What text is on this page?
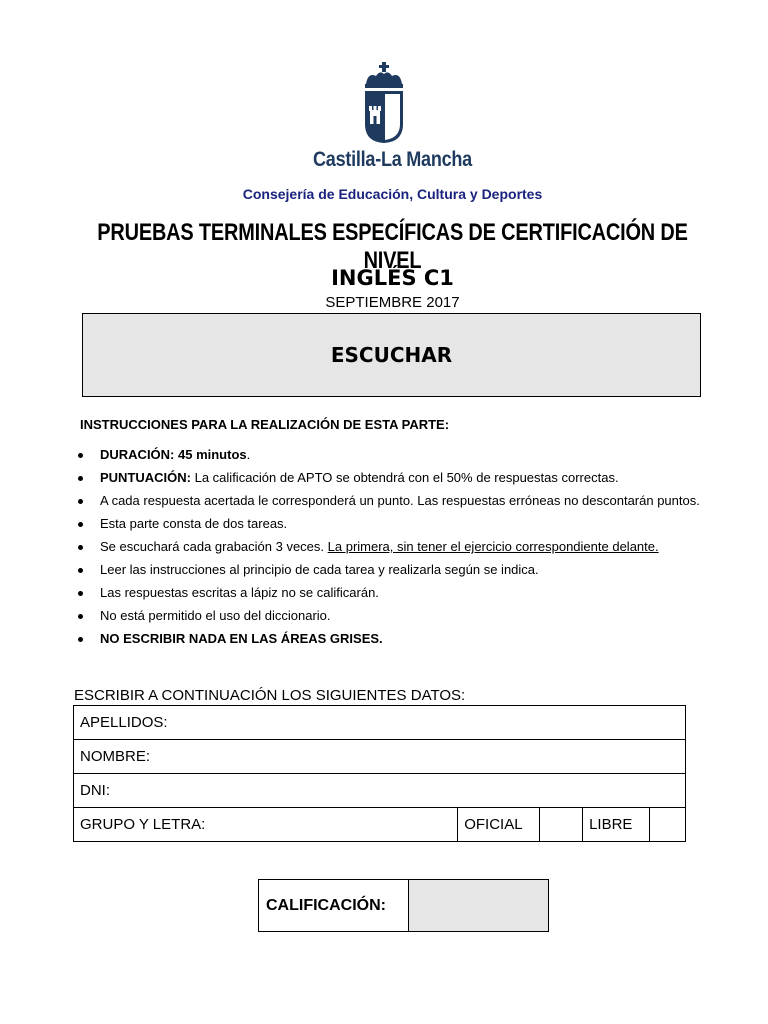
Castilla-La Mancha
Consejería de Educación, Cultura y Deportes
PRUEBAS TERMINALES ESPECÍFICAS DE CERTIFICACIÓN DE NIVEL
INGLÉS C1
SEPTIEMBRE 2017
ESCUCHAR
INSTRUCCIONES PARA LA REALIZACIÓN DE ESTA PARTE:
DURACIÓN: 45 minutos.
PUNTUACIÓN: La calificación de APTO se obtendrá con el 50% de respuestas correctas.
A cada respuesta acertada le corresponderá un punto. Las respuestas erróneas no descontarán puntos.
Esta parte consta de dos tareas.
Se escuchará cada grabación 3 veces. La primera, sin tener el ejercicio correspondiente delante.
Leer las instrucciones al principio de cada tarea y realizarla según se indica.
Las respuestas escritas a lápiz no se calificarán.
No está permitido el uso del diccionario.
NO ESCRIBIR NADA EN LAS ÁREAS GRISES.
ESCRIBIR A CONTINUACIÓN LOS SIGUIENTES DATOS:
APELLIDOS:
NOMBRE:
DNI:
GRUPO Y LETRA:	OFICIAL		LIBRE	
CALIFICACIÓN:	
